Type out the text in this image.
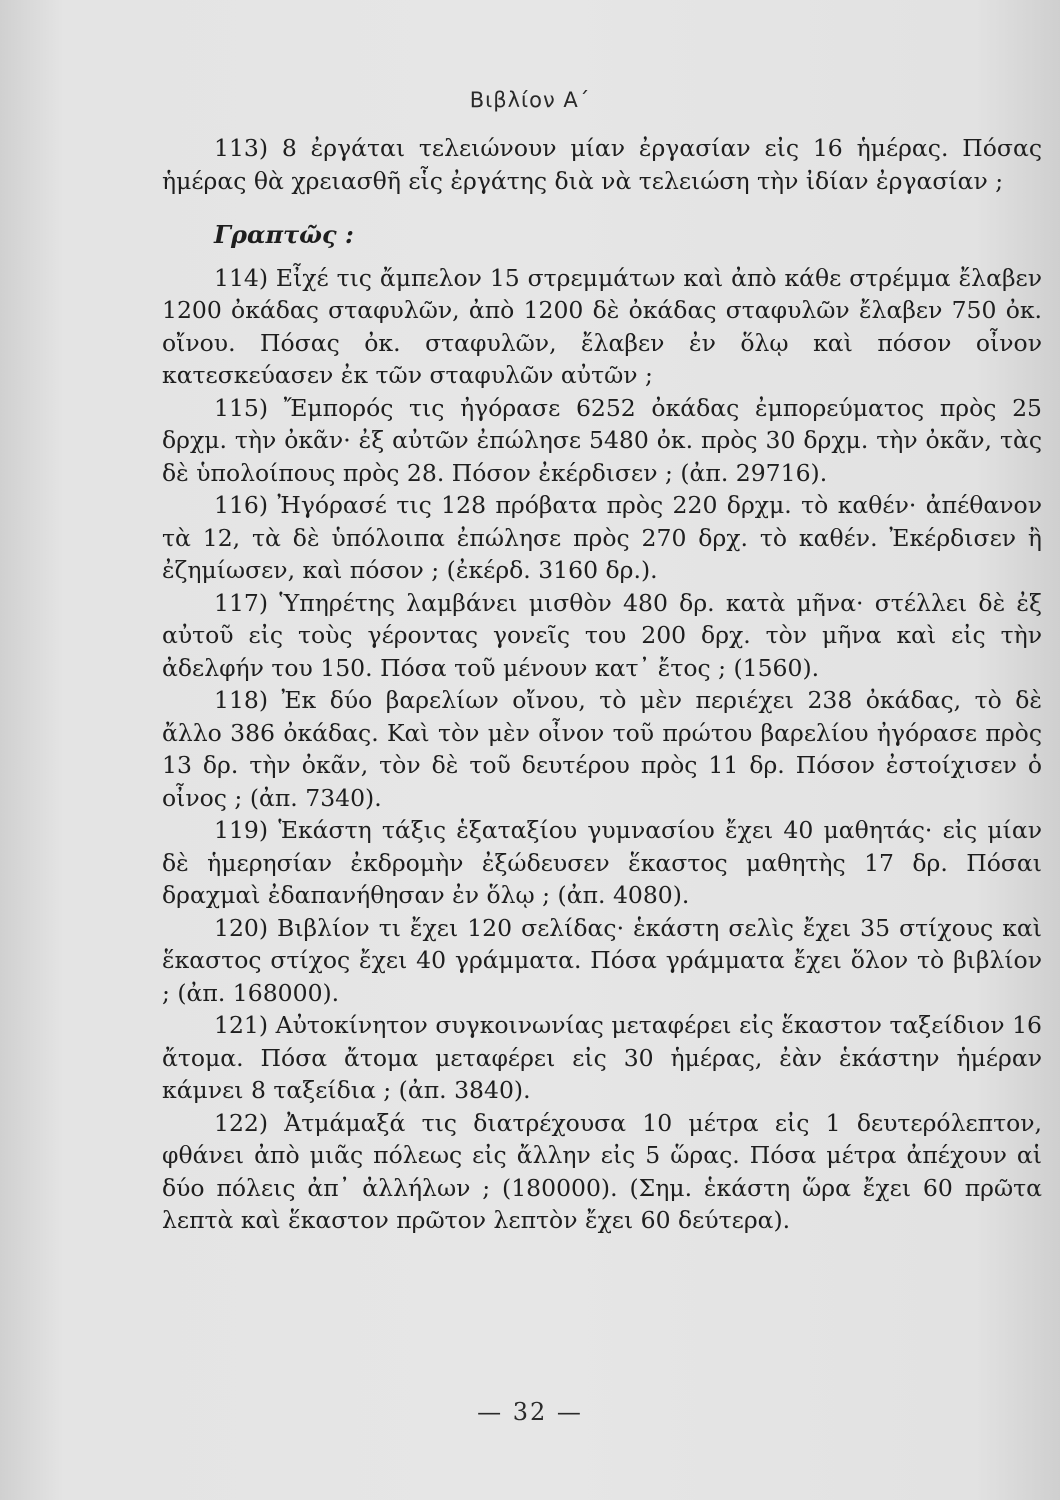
Βιβλίον Α΄

113) 8 ἐργάται τελειώνουν μίαν ἐργασίαν εἰς 16 ἡμέρας. Πόσας ἡμέρας θὰ χρειασθῆ εἷς ἐργάτης διὰ νὰ τελειώση τὴν ἰδίαν ἐργασίαν ;

Γραπτῶς :

114) Εἶχέ τις ἄμπελον 15 στρεμμάτων καὶ ἀπὸ κάθε στρέμμα ἔλαβεν 1200 ὀκάδας σταφυλῶν, ἀπὸ 1200 δὲ ὀκάδας σταφυλῶν ἔλαβεν 750 ὀκ. οἴνου. Πόσας ὀκ. σταφυλῶν, ἔλαβεν ἐν ὅλῳ καὶ πόσον οἶνον κατεσκεύασεν ἐκ τῶν σταφυλῶν αὐτῶν ;

115) Ἔμπορός τις ἠγόρασε 6252 ὀκάδας ἐμπορεύματος πρὸς 25 δρχμ. τὴν ὀκᾶν· ἐξ αὐτῶν ἐπώλησε 5480 ὀκ. πρὸς 30 δρχμ. τὴν ὀκᾶν, τὰς δὲ ὑπολοίπους πρὸς 28. Πόσον ἐκέρδισεν ; (ἀπ. 29716).

116) Ἠγόρασέ τις 128 πρόβατα πρὸς 220 δρχμ. τὸ καθέν· ἀπέθανον τὰ 12, τὰ δὲ ὑπόλοιπα ἐπώλησε πρὸς 270 δρχ. τὸ καθέν. Ἐκέρδισεν ἢ ἐζημίωσεν, καὶ πόσον ; (ἐκέρδ. 3160 δρ.).

117) Ὑπηρέτης λαμβάνει μισθὸν 480 δρ. κατὰ μῆνα· στέλλει δὲ ἐξ αὐτοῦ εἰς τοὺς γέροντας γονεῖς του 200 δρχ. τὸν μῆνα καὶ εἰς τὴν ἀδελφήν του 150. Πόσα τοῦ μένουν κατ᾽ ἔτος ; (1560).

118) Ἐκ δύο βαρελίων οἴνου, τὸ μὲν περιέχει 238 ὀκάδας, τὸ δὲ ἄλλο 386 ὀκάδας. Καὶ τὸν μὲν οἶνον τοῦ πρώτου βαρελίου ἠγόρασε πρὸς 13 δρ. τὴν ὀκᾶν, τὸν δὲ τοῦ δευτέρου πρὸς 11 δρ. Πόσον ἐστοίχισεν ὁ οἶνος ; (ἀπ. 7340).

119) Ἑκάστη τάξις ἑξαταξίου γυμνασίου ἔχει 40 μαθητάς· εἰς μίαν δὲ ἡμερησίαν ἐκδρομὴν ἐξώδευσεν ἕκαστος μαθητὴς 17 δρ. Πόσαι δραχμαὶ ἐδαπανήθησαν ἐν ὅλῳ ; (ἀπ. 4080).

120) Βιβλίον τι ἔχει 120 σελίδας· ἑκάστη σελὶς ἔχει 35 στίχους καὶ ἕκαστος στίχος ἔχει 40 γράμματα. Πόσα γράμματα ἔχει ὅλον τὸ βιβλίον ; (ἀπ. 168000).

121) Αὐτοκίνητον συγκοινωνίας μεταφέρει εἰς ἕκαστον ταξείδιον 16 ἄτομα. Πόσα ἄτομα μεταφέρει εἰς 30 ἡμέρας, ἐὰν ἑκάστην ἡμέραν κάμνει 8 ταξείδια ; (ἀπ. 3840).

122) Ἀτμάμαξά τις διατρέχουσα 10 μέτρα εἰς 1 δευτερόλεπτον, φθάνει ἀπὸ μιᾶς πόλεως εἰς ἄλλην εἰς 5 ὥρας. Πόσα μέτρα ἀπέχουν αἱ δύο πόλεις ἀπ᾽ ἀλλήλων ; (180000). (Σημ. ἑκάστη ὥρα ἔχει 60 πρῶτα λεπτὰ καὶ ἕκαστον πρῶτον λεπτὸν ἔχει 60 δεύτερα).

— 32 —
